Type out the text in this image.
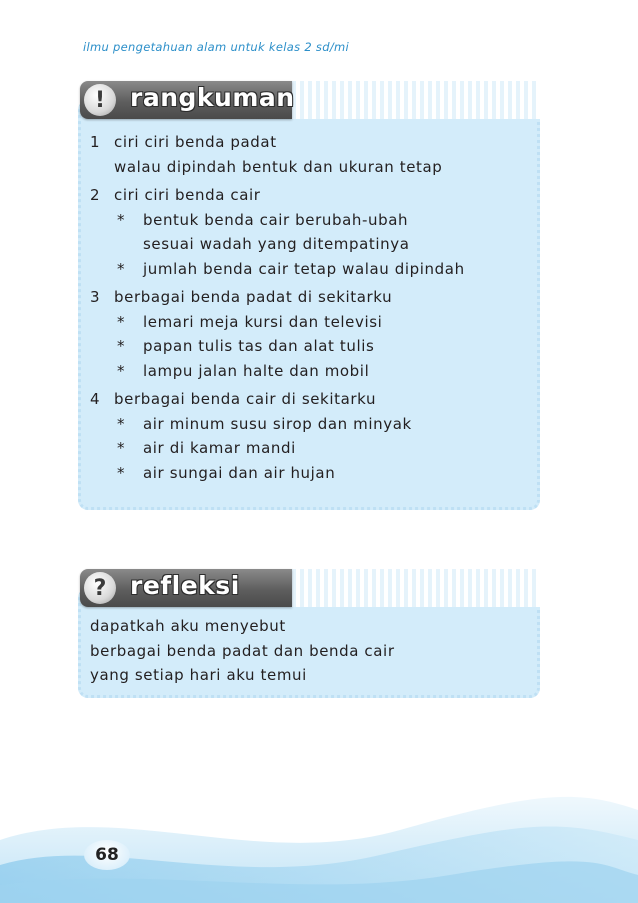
ilmu pengetahuan alam untuk kelas 2 sd/mi
! rangkuman
1 ciri ciri benda padat
walau dipindah bentuk dan ukuran tetap
2 ciri ciri benda cair
* bentuk benda cair berubah-ubah
sesuai wadah yang ditempatinya
* jumlah benda cair tetap walau dipindah
3 berbagai benda padat di sekitarku
* lemari meja kursi dan televisi
* papan tulis tas dan alat tulis
* lampu jalan halte dan mobil
4 berbagai benda cair di sekitarku
* air minum susu sirop dan minyak
* air di kamar mandi
* air sungai dan air hujan
? refleksi
dapatkah aku menyebut
berbagai benda padat dan benda cair
yang setiap hari aku temui
68
